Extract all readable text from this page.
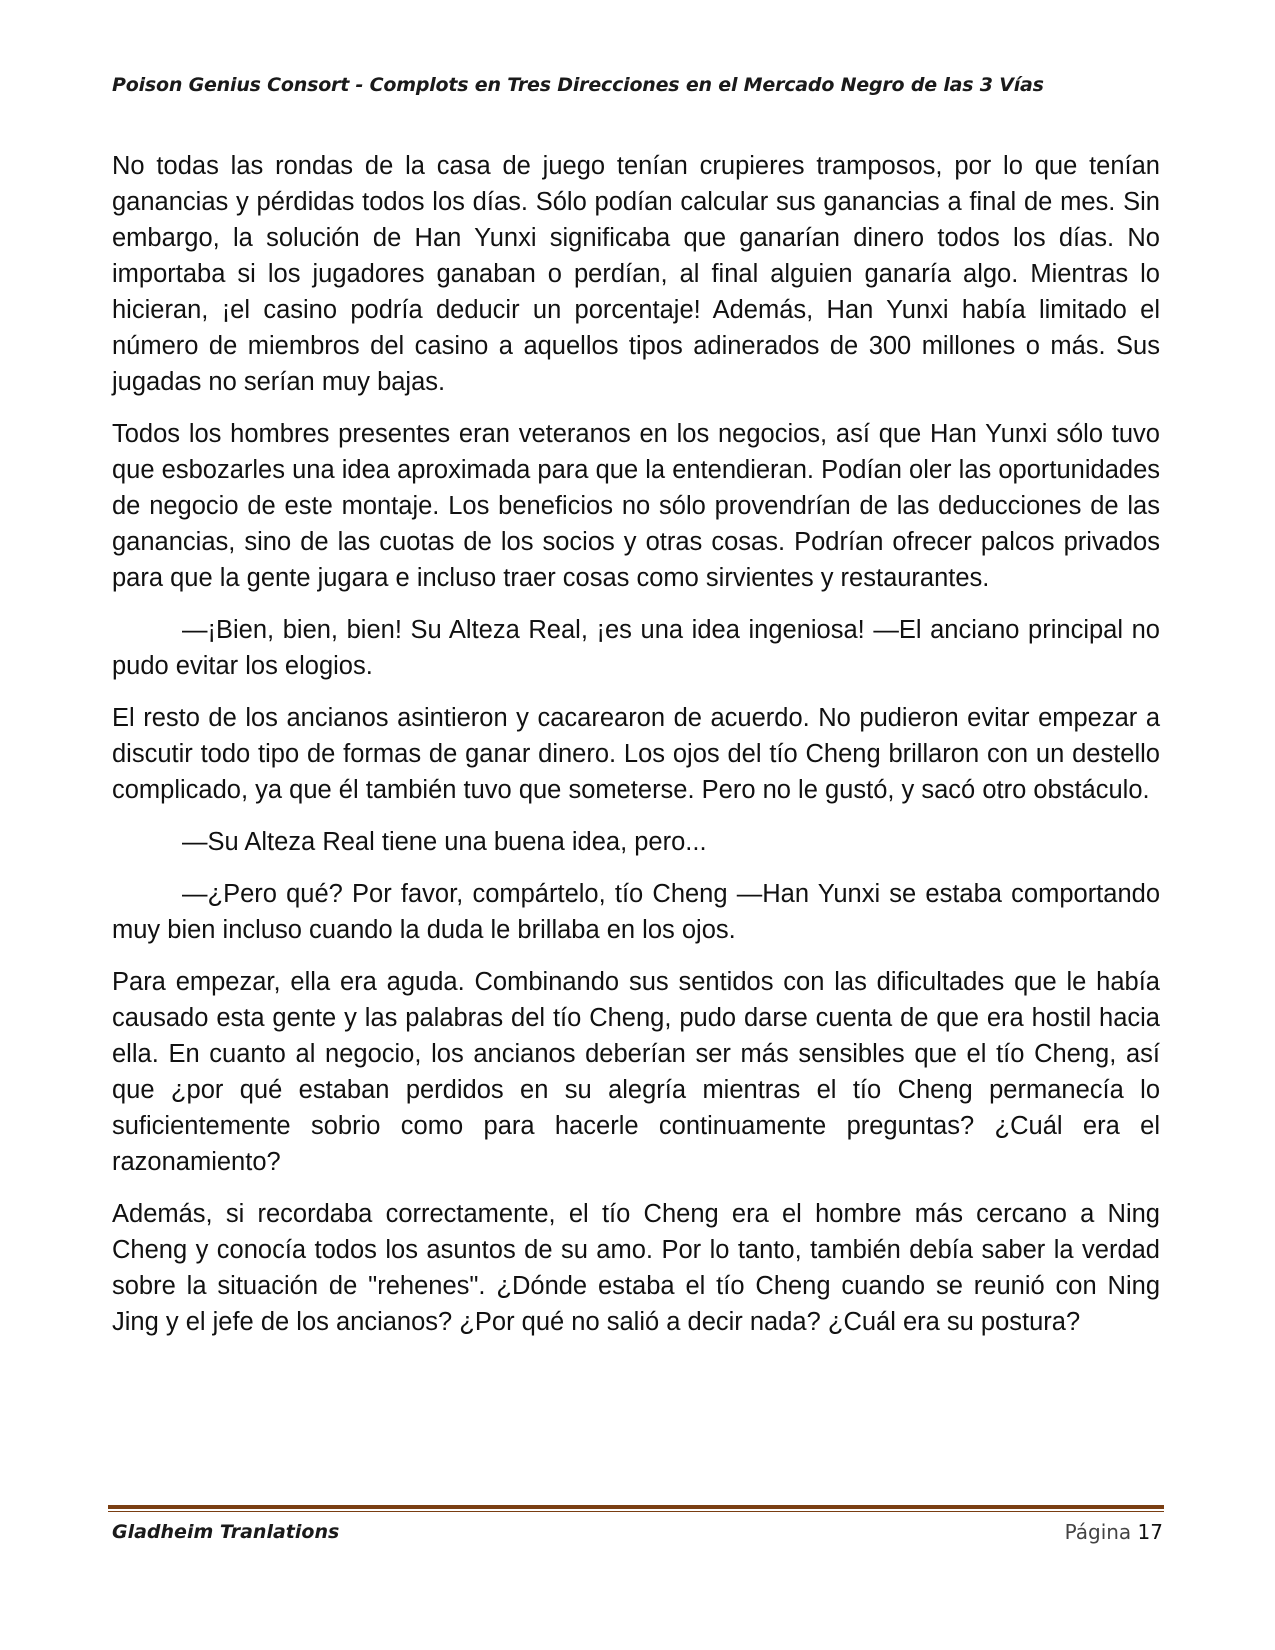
Poison Genius Consort - Complots en Tres Direcciones en el Mercado Negro de las 3 Vías

No todas las rondas de la casa de juego tenían crupieres tramposos, por lo que tenían ganancias y pérdidas todos los días. Sólo podían calcular sus ganancias a final de mes. Sin embargo, la solución de Han Yunxi significaba que ganarían dinero todos los días. No importaba si los jugadores ganaban o perdían, al final alguien ganaría algo. Mientras lo hicieran, ¡el casino podría deducir un porcentaje! Además, Han Yunxi había limitado el número de miembros del casino a aquellos tipos adinerados de 300 millones o más. Sus jugadas no serían muy bajas.

Todos los hombres presentes eran veteranos en los negocios, así que Han Yunxi sólo tuvo que esbozarles una idea aproximada para que la entendieran. Podían oler las oportunidades de negocio de este montaje. Los beneficios no sólo provendrían de las deducciones de las ganancias, sino de las cuotas de los socios y otras cosas. Podrían ofrecer palcos privados para que la gente jugara e incluso traer cosas como sirvientes y restaurantes.

—¡Bien, bien, bien! Su Alteza Real, ¡es una idea ingeniosa! —El anciano principal no pudo evitar los elogios.

El resto de los ancianos asintieron y cacarearon de acuerdo. No pudieron evitar empezar a discutir todo tipo de formas de ganar dinero. Los ojos del tío Cheng brillaron con un destello complicado, ya que él también tuvo que someterse. Pero no le gustó, y sacó otro obstáculo.

—Su Alteza Real tiene una buena idea, pero...

—¿Pero qué? Por favor, compártelo, tío Cheng —Han Yunxi se estaba comportando muy bien incluso cuando la duda le brillaba en los ojos.

Para empezar, ella era aguda. Combinando sus sentidos con las dificultades que le había causado esta gente y las palabras del tío Cheng, pudo darse cuenta de que era hostil hacia ella. En cuanto al negocio, los ancianos deberían ser más sensibles que el tío Cheng, así que ¿por qué estaban perdidos en su alegría mientras el tío Cheng permanecía lo suficientemente sobrio como para hacerle continuamente preguntas? ¿Cuál era el razonamiento?

Además, si recordaba correctamente, el tío Cheng era el hombre más cercano a Ning Cheng y conocía todos los asuntos de su amo. Por lo tanto, también debía saber la verdad sobre la situación de "rehenes". ¿Dónde estaba el tío Cheng cuando se reunió con Ning Jing y el jefe de los ancianos? ¿Por qué no salió a decir nada? ¿Cuál era su postura?

Gladheim Tranlations	Página 17
